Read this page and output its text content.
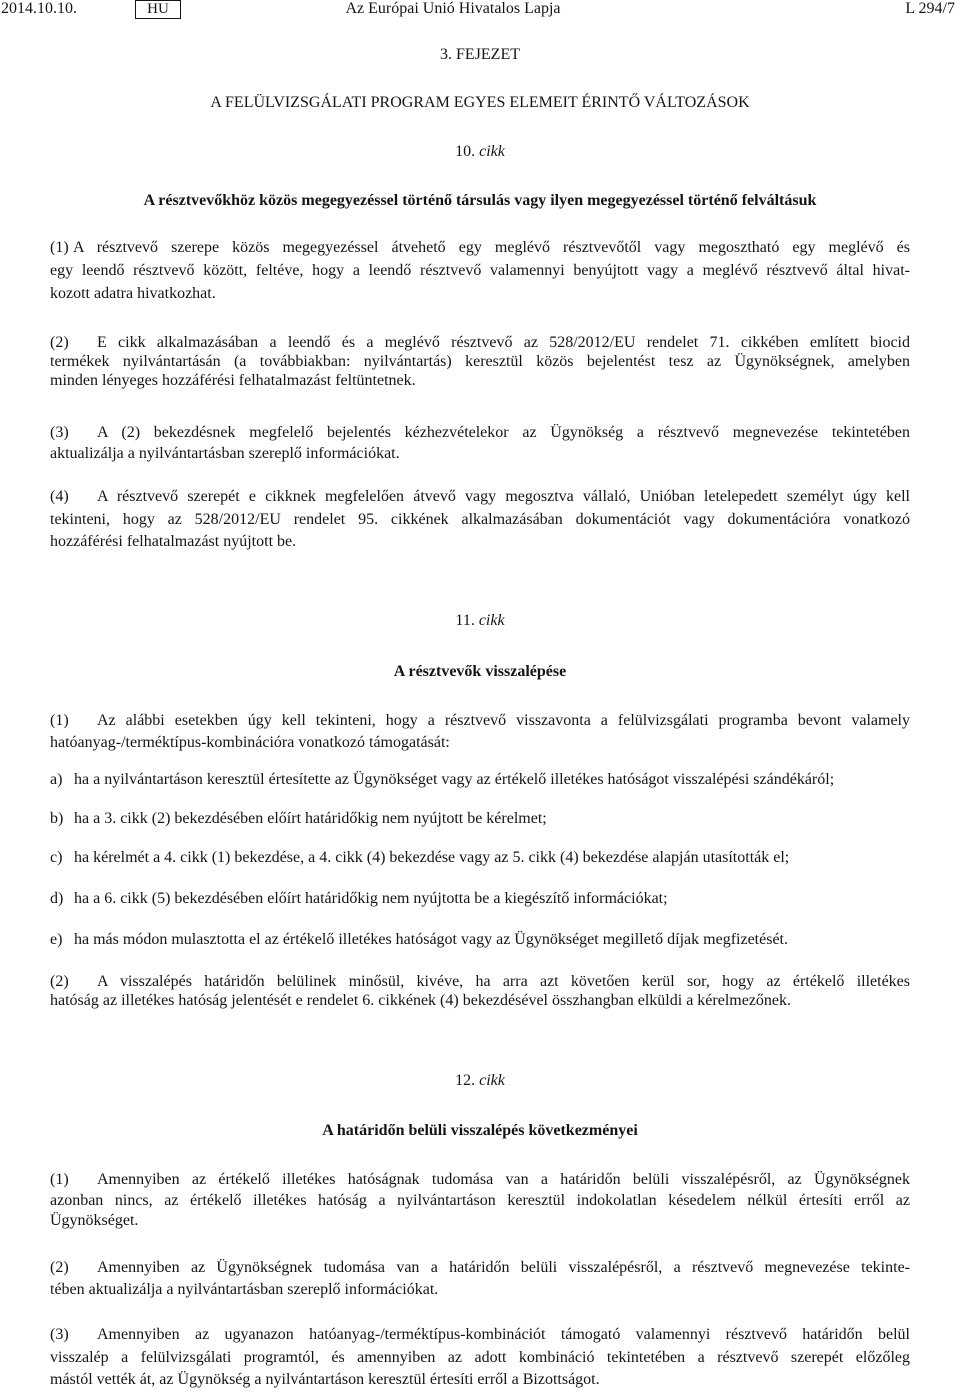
2014.10.10.	HU	Az Európai Unió Hivatalos Lapja	L 294/7
3. FEJEZET
A FELÜLVIZSGÁLATI PROGRAM EGYES ELEMEIT ÉRINTŐ VÁLTOZÁSOK
10. cikk
A résztvevőkhöz közös megegyezéssel történő társulás vagy ilyen megegyezéssel történő felváltásuk
(1) A résztvevő szerepe közös megegyezéssel átvehető egy meglévő résztvevőtől vagy megosztható egy meglévő és
egy leendő résztvevő között, feltéve, hogy a leendő résztvevő valamennyi benyújtott vagy a meglévő résztvevő által hivat-
kozott adatra hivatkozhat.
(2) E cikk alkalmazásában a leendő és a meglévő résztvevő az 528/2012/EU rendelet 71. cikkében említett biocid
termékek nyilvántartásán (a továbbiakban: nyilvántartás) keresztül közös bejelentést tesz az Ügynökségnek, amelyben
minden lényeges hozzáférési felhatalmazást feltüntetnek.
(3) A (2) bekezdésnek megfelelő bejelentés kézhezvételekor az Ügynökség a résztvevő megnevezése tekintetében
aktualizálja a nyilvántartásban szereplő információkat.
(4) A résztvevő szerepét e cikknek megfelelően átvevő vagy megosztva vállaló, Unióban letelepedett személyt úgy kell
tekinteni, hogy az 528/2012/EU rendelet 95. cikkének alkalmazásában dokumentációt vagy dokumentációra vonatkozó
hozzáférési felhatalmazást nyújtott be.
11. cikk
A résztvevők visszalépése
(1) Az alábbi esetekben úgy kell tekinteni, hogy a résztvevő visszavonta a felülvizsgálati programba bevont valamely
hatóanyag-/terméktípus-kombinációra vonatkozó támogatását:
a) ha a nyilvántartáson keresztül értesítette az Ügynökséget vagy az értékelő illetékes hatóságot visszalépési szándékáról;
b) ha a 3. cikk (2) bekezdésében előírt határidőkig nem nyújtott be kérelmet;
c) ha kérelmét a 4. cikk (1) bekezdése, a 4. cikk (4) bekezdése vagy az 5. cikk (4) bekezdése alapján utasították el;
d) ha a 6. cikk (5) bekezdésében előírt határidőkig nem nyújtotta be a kiegészítő információkat;
e) ha más módon mulasztotta el az értékelő illetékes hatóságot vagy az Ügynökséget megillető díjak megfizetését.
(2) A visszalépés határidőn belülinek minősül, kivéve, ha arra azt követően kerül sor, hogy az értékelő illetékes
hatóság az illetékes hatóság jelentését e rendelet 6. cikkének (4) bekezdésével összhangban elküldi a kérelmezőnek.
12. cikk
A határidőn belüli visszalépés következményei
(1) Amennyiben az értékelő illetékes hatóságnak tudomása van a határidőn belüli visszalépésről, az Ügynökségnek
azonban nincs, az értékelő illetékes hatóság a nyilvántartáson keresztül indokolatlan késedelem nélkül értesíti erről az
Ügynökséget.
(2) Amennyiben az Ügynökségnek tudomása van a határidőn belüli visszalépésről, a résztvevő megnevezése tekinte-
tében aktualizálja a nyilvántartásban szereplő információkat.
(3) Amennyiben az ugyanazon hatóanyag-/terméktípus-kombinációt támogató valamennyi résztvevő határidőn belül
visszalép a felülvizsgálati programtól, és amennyiben az adott kombináció tekintetében a résztvevő szerepét előzőleg
mástól vették át, az Ügynökség a nyilvántartáson keresztül értesíti erről a Bizottságot.
